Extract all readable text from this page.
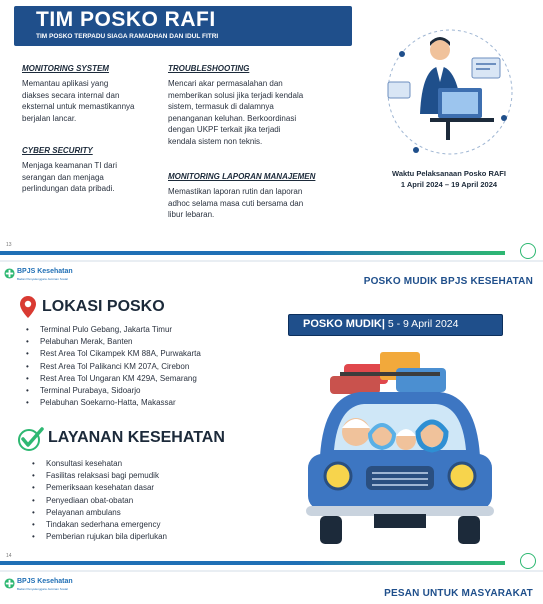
TIM POSKO RAFI
TIM POSKO TERPADU SIAGA RAMADHAN DAN IDUL FITRI
MONITORING SYSTEM
Memantau aplikasi yang
diakses secara internal dan
eksternal untuk memastikannya
berjalan lancar.
CYBER SECURITY
Menjaga keamanan TI dari
serangan dan menjaga
perlindungan data pribadi.
TROUBLESHOOTING
Mencari akar permasalahan dan
memberikan solusi jika terjadi kendala
sistem, termasuk di dalamnya
penanganan keluhan. Berkoordinasi
dengan UKPF terkait jika terjadi
kendala sistem non teknis.
MONITORING LAPORAN MANAJEMEN
Memastikan laporan rutin dan laporan
adhoc selama masa cuti bersama dan
libur lebaran.
Waktu Pelaksanaan Posko RAFI
1 April 2024 – 19 April 2024
13
BPJS Kesehatan
Badan Penyelenggara Jaminan Sosial	POSKO MUDIK BPJS KESEHATAN
LOKASI POSKO
• Terminal Pulo Gebang, Jakarta Timur
• Pelabuhan Merak, Banten
• Rest Area Tol Cikampek KM 88A, Purwakarta
• Rest Area Tol Palikanci KM 207A, Cirebon
• Rest Area Tol Ungaran KM 429A, Semarang
• Terminal Purabaya, Sidoarjo
• Pelabuhan Soekarno-Hatta, Makassar
LAYANAN KESEHATAN
• Konsultasi kesehatan
• Fasilitas relaksasi bagi pemudik
• Pemeriksaan kesehatan dasar
• Penyediaan obat-obatan
• Pelayanan ambulans
• Tindakan sederhana emergency
• Pemberian rujukan bila diperlukan
POSKO MUDIK| 5 - 9 April 2024
14
BPJS Kesehatan
Badan Penyelenggara Jaminan Sosial	PESAN UNTUK MASYARAKAT
